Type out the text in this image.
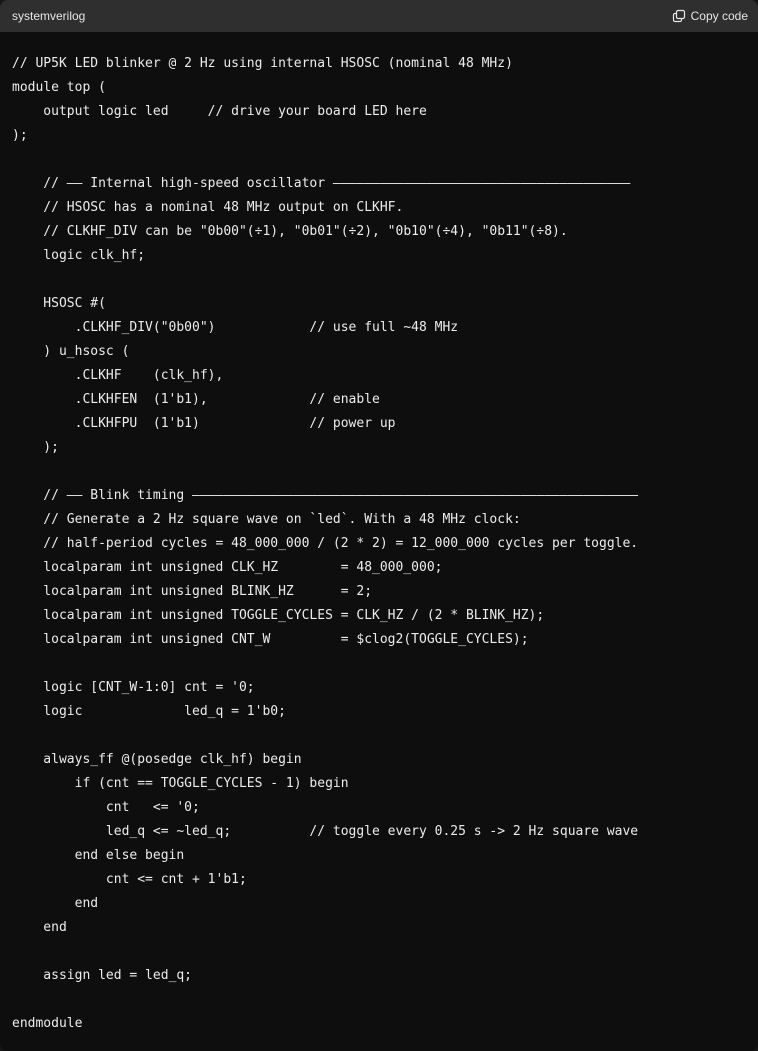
systemverilog	Copy code
// UP5K LED blinker @ 2 Hz using internal HSOSC (nominal 48 MHz)
module top (
output logic led     // drive your board LED here
);

// —— Internal high-speed oscillator ——————————————————————————————————————
// HSOSC has a nominal 48 MHz output on CLKHF.
// CLKHF_DIV can be "0b00"(÷1), "0b01"(÷2), "0b10"(÷4), "0b11"(÷8).
logic clk_hf;

HSOSC #(
.CLKHF_DIV("0b00")            // use full ~48 MHz
) u_hsosc (
.CLKHF    (clk_hf),
.CLKHFEN  (1'b1),             // enable
.CLKHFPU  (1'b1)              // power up
);

// —— Blink timing —————————————————————————————————————————————————————————
// Generate a 2 Hz square wave on `led`. With a 48 MHz clock:
// half-period cycles = 48_000_000 / (2 * 2) = 12_000_000 cycles per toggle.
localparam int unsigned CLK_HZ        = 48_000_000;
localparam int unsigned BLINK_HZ      = 2;
localparam int unsigned TOGGLE_CYCLES = CLK_HZ / (2 * BLINK_HZ);
localparam int unsigned CNT_W         = $clog2(TOGGLE_CYCLES);

logic [CNT_W-1:0] cnt = '0;
logic             led_q = 1'b0;

always_ff @(posedge clk_hf) begin
if (cnt == TOGGLE_CYCLES - 1) begin
cnt   <= '0;
led_q <= ~led_q;          // toggle every 0.25 s -> 2 Hz square wave
end else begin
cnt <= cnt + 1'b1;
end
end

assign led = led_q;

endmodule
